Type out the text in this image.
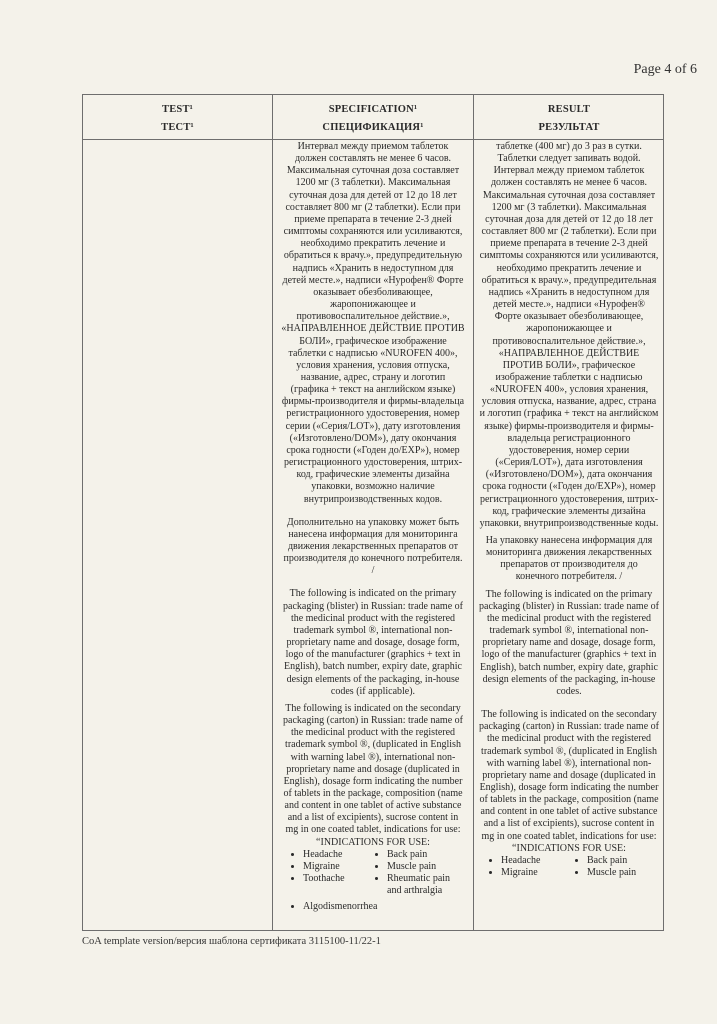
Page 4 of 6
TEST¹
ТЕСТ¹
SPECIFICATION¹
СПЕЦИФИКАЦИЯ¹
RESULT
РЕЗУЛЬТАТ

Интервал между приемом таблеток должен составлять не менее 6 часов. Максимальная суточная доза составляет 1200 мг (3 таблетки). Максимальная суточная доза для детей от 12 до 18 лет составляет 800 мг (2 таблетки). Если при приеме препарата в течение 2-3 дней симптомы сохраняются или усиливаются, необходимо прекратить лечение и обратиться к врачу.», предупредительную надпись «Хранить в недоступном для детей месте.», надписи «Нурофен® Форте оказывает обезболивающее, жаропонижающее и противовоспалительное действие.», «НАПРАВЛЕННОЕ ДЕЙСТВИЕ ПРОТИВ БОЛИ», графическое изображение таблетки с надписью «NUROFEN 400», условия хранения, условия отпуска, название, адрес, страну и логотип (графика + текст на английском языке) фирмы-производителя и фирмы-владельца регистрационного удостоверения, номер серии («Серия/LOT»), дату изготовления («Изготовлено/DOM»), дату окончания срока годности («Годен до/EXP»), номер регистрационного удостоверения, штрих-код, графические элементы дизайна упаковки, возможно наличие внутрипроизводственных кодов.

Дополнительно на упаковку может быть нанесена информация для мониторинга движения лекарственных препаратов от производителя до конечного потребителя. /

The following is indicated on the primary packaging (blister) in Russian: trade name of the medicinal product with the registered trademark symbol ®, international non-proprietary name and dosage, dosage form, logo of the manufacturer (graphics + text in English), batch number, expiry date, graphic design elements of the packaging, in-house codes (if applicable).

The following is indicated on the secondary packaging (carton) in Russian: trade name of the medicinal product with the registered trademark symbol ®, (duplicated in English with warning label ®), international non-proprietary name and dosage (duplicated in English), dosage form indicating the number of tablets in the package, composition (name and content in one tablet of active substance and a list of excipients), sucrose content in mg in one coated tablet, indications for use: “INDICATIONS FOR USE:

• Headache
• Migraine
• Toothache
• Back pain
• Muscle pain
• Rheumatic pain and arthralgia
• Algodismenorrhea

таблетке (400 мг) до 3 раз в сутки. Таблетки следует запивать водой. Интервал между приемом таблеток должен составлять не менее 6 часов. Максимальная суточная доза составляет 1200 мг (3 таблетки). Максимальная суточная доза для детей от 12 до 18 лет составляет 800 мг (2 таблетки). Если при приеме препарата в течение 2-3 дней симптомы сохраняются или усиливаются, необходимо прекратить лечение и обратиться к врачу.», предупредительная надпись «Хранить в недоступном для детей месте.», надписи «Нурофен® Форте оказывает обезболивающее, жаропонижающее и противовоспалительное действие.», «НАПРАВЛЕННОЕ ДЕЙСТВИЕ ПРОТИВ БОЛИ», графическое изображение таблетки с надписью «NUROFEN 400», условия хранения, условия отпуска, название, адрес, страна и логотип (графика + текст на английском языке) фирмы-производителя и фирмы-владельца регистрационного удостоверения, номер серии («Серия/LOT»), дата изготовления («Изготовлено/DOM»), дата окончания срока годности («Годен до/EXP»), номер регистрационного удостоверения, штрих-код, графические элементы дизайна упаковки, внутрипроизводственные коды.

На упаковку нанесена информация для мониторинга движения лекарственных препаратов от производителя до конечного потребителя. /

The following is indicated on the primary packaging (blister) in Russian: trade name of the medicinal product with the registered trademark symbol ®, international non-proprietary name and dosage, dosage form, logo of the manufacturer (graphics + text in English), batch number, expiry date, graphic design elements of the packaging, in-house codes.

The following is indicated on the secondary packaging (carton) in Russian: trade name of the medicinal product with the registered trademark symbol ®, (duplicated in English with warning label ®), international non-proprietary name and dosage (duplicated in English), dosage form indicating the number of tablets in the package, composition (name and content in one tablet of active substance and a list of excipients), sucrose content in mg in one coated tablet, indications for use: “INDICATIONS FOR USE:

• Headache
• Migraine
• Back pain
• Muscle pain
CoA template version/версия шаблона сертификата 3115100-11/22-1
